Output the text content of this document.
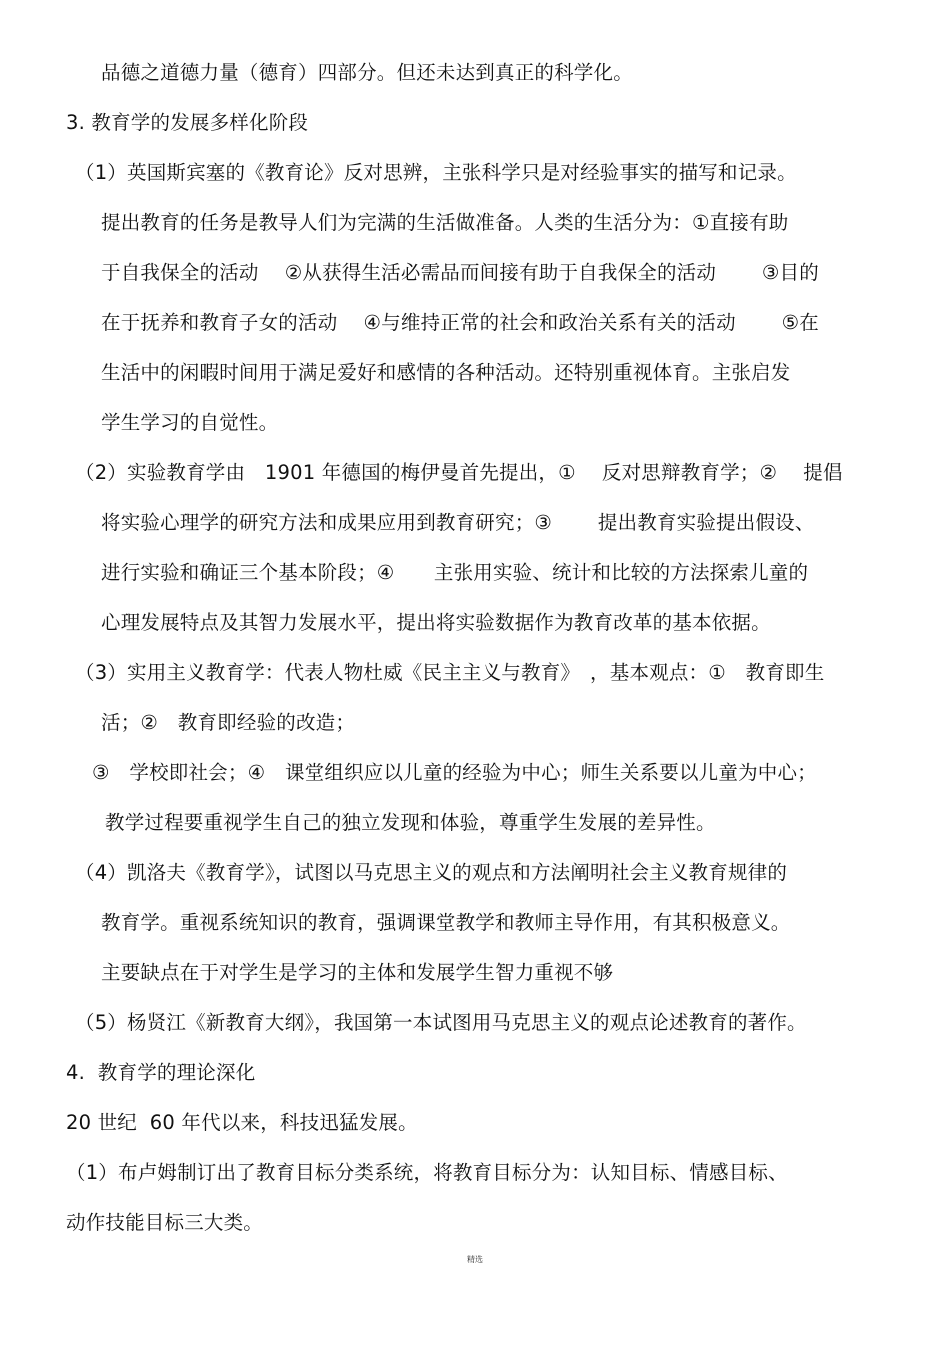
品德之道德力量（德育）四部分。但还未达到真正的科学化。
3. 教育学的发展多样化阶段
（1）英国斯宾塞的《教育论》反对思辨，主张科学只是对经验事实的描写和记录。
提出教育的任务是教导人们为完满的生活做准备。人类的生活分为：①直接有助
于自我保全的活动　 ②从获得生活必需品而间接有助于自我保全的活动　　 ③目的
在于抚养和教育子女的活动　 ④与维持正常的社会和政治关系有关的活动　　 ⑤在
生活中的闲暇时间用于满足爱好和感情的各种活动。还特别重视体育。主张启发
学生学习的自觉性。
（2）实验教育学由　1901 年德国的梅伊曼首先提出，①　 反对思辩教育学；②　 提倡
将实验心理学的研究方法和成果应用到教育研究；③　　 提出教育实验提出假设、
进行实验和确证三个基本阶段；④　　主张用实验、统计和比较的方法探索儿童的
心理发展特点及其智力发展水平，提出将实验数据作为教育改革的基本依据。
（3）实用主义教育学：代表人物杜威《民主主义与教育》　，基本观点：①　教育即生
活；②　教育即经验的改造；
③　学校即社会；④　课堂组织应以儿童的经验为中心；师生关系要以儿童为中心；
教学过程要重视学生自己的独立发现和体验，尊重学生发展的差异性。
（4）凯洛夫《教育学》，试图以马克思主义的观点和方法阐明社会主义教育规律的
教育学。重视系统知识的教育，强调课堂教学和教师主导作用，有其积极意义。
主要缺点在于对学生是学习的主体和发展学生智力重视不够
（5）杨贤江《新教育大纲》，我国第一本试图用马克思主义的观点论述教育的著作。
4.  教育学的理论深化
20 世纪  60 年代以来，科技迅猛发展。
（1）布卢姆制订出了教育目标分类系统，将教育目标分为：认知目标、情感目标、
动作技能目标三大类。
精选
